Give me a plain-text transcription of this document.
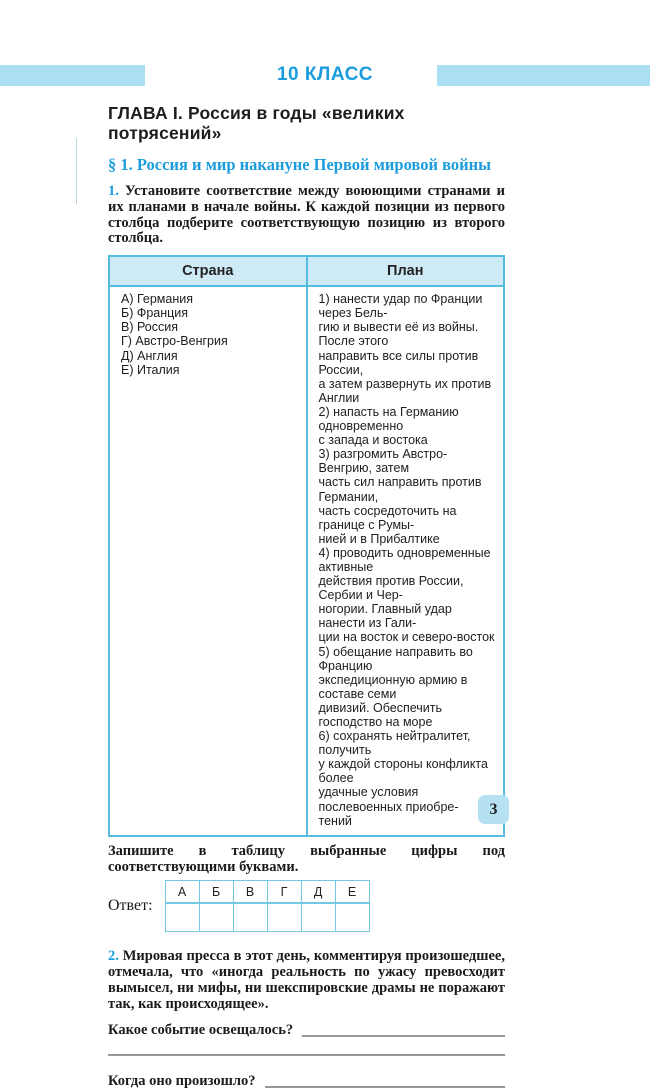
10 КЛАСС
ГЛАВА I. Россия в годы «великих потрясений»
§ 1. Россия и мир накануне Первой мировой войны

1. Установите соответствие между воюющими странами и их планами в начале войны. К каждой позиции из первого столбца подберите соответствующую позицию из второго столбца.

Страна	План

А) Германия
Б) Франция
В) Россия
Г) Австро-Венгрия
Д) Англия
Е) Италия

1) нанести удар по Франции через Бель-
гию и вывести её из войны. После этого
направить все силы против России,
а затем развернуть их против Англии
2) напасть на Германию одновременно
с запада и востока
3) разгромить Австро-Венгрию, затем
часть сил направить против Германии,
часть сосредоточить на границе с Румы-
нией и в Прибалтике
4) проводить одновременные активные
действия против России, Сербии и Чер-
ногории. Главный удар нанести из Гали-
ции на восток и северо-восток
5) обещание направить во Францию
экспедиционную армию в составе семи
дивизий. Обеспечить господство на море
6) сохранять нейтралитет, получить
у каждой стороны конфликта более
удачные условия послевоенных приобре-
тений

Запишите в таблицу выбранные цифры под соответствующими буквами.

Ответ:
А	Б	В	Г	Д	Е

2. Мировая пресса в этот день, комментируя произошедшее, отмечала, что «иногда реальность по ужасу превосходит вымысел, ни мифы, ни шекспировские драмы не поражают так, как происходящее».

Какое событие освещалось?
Когда оно произошло?
3
